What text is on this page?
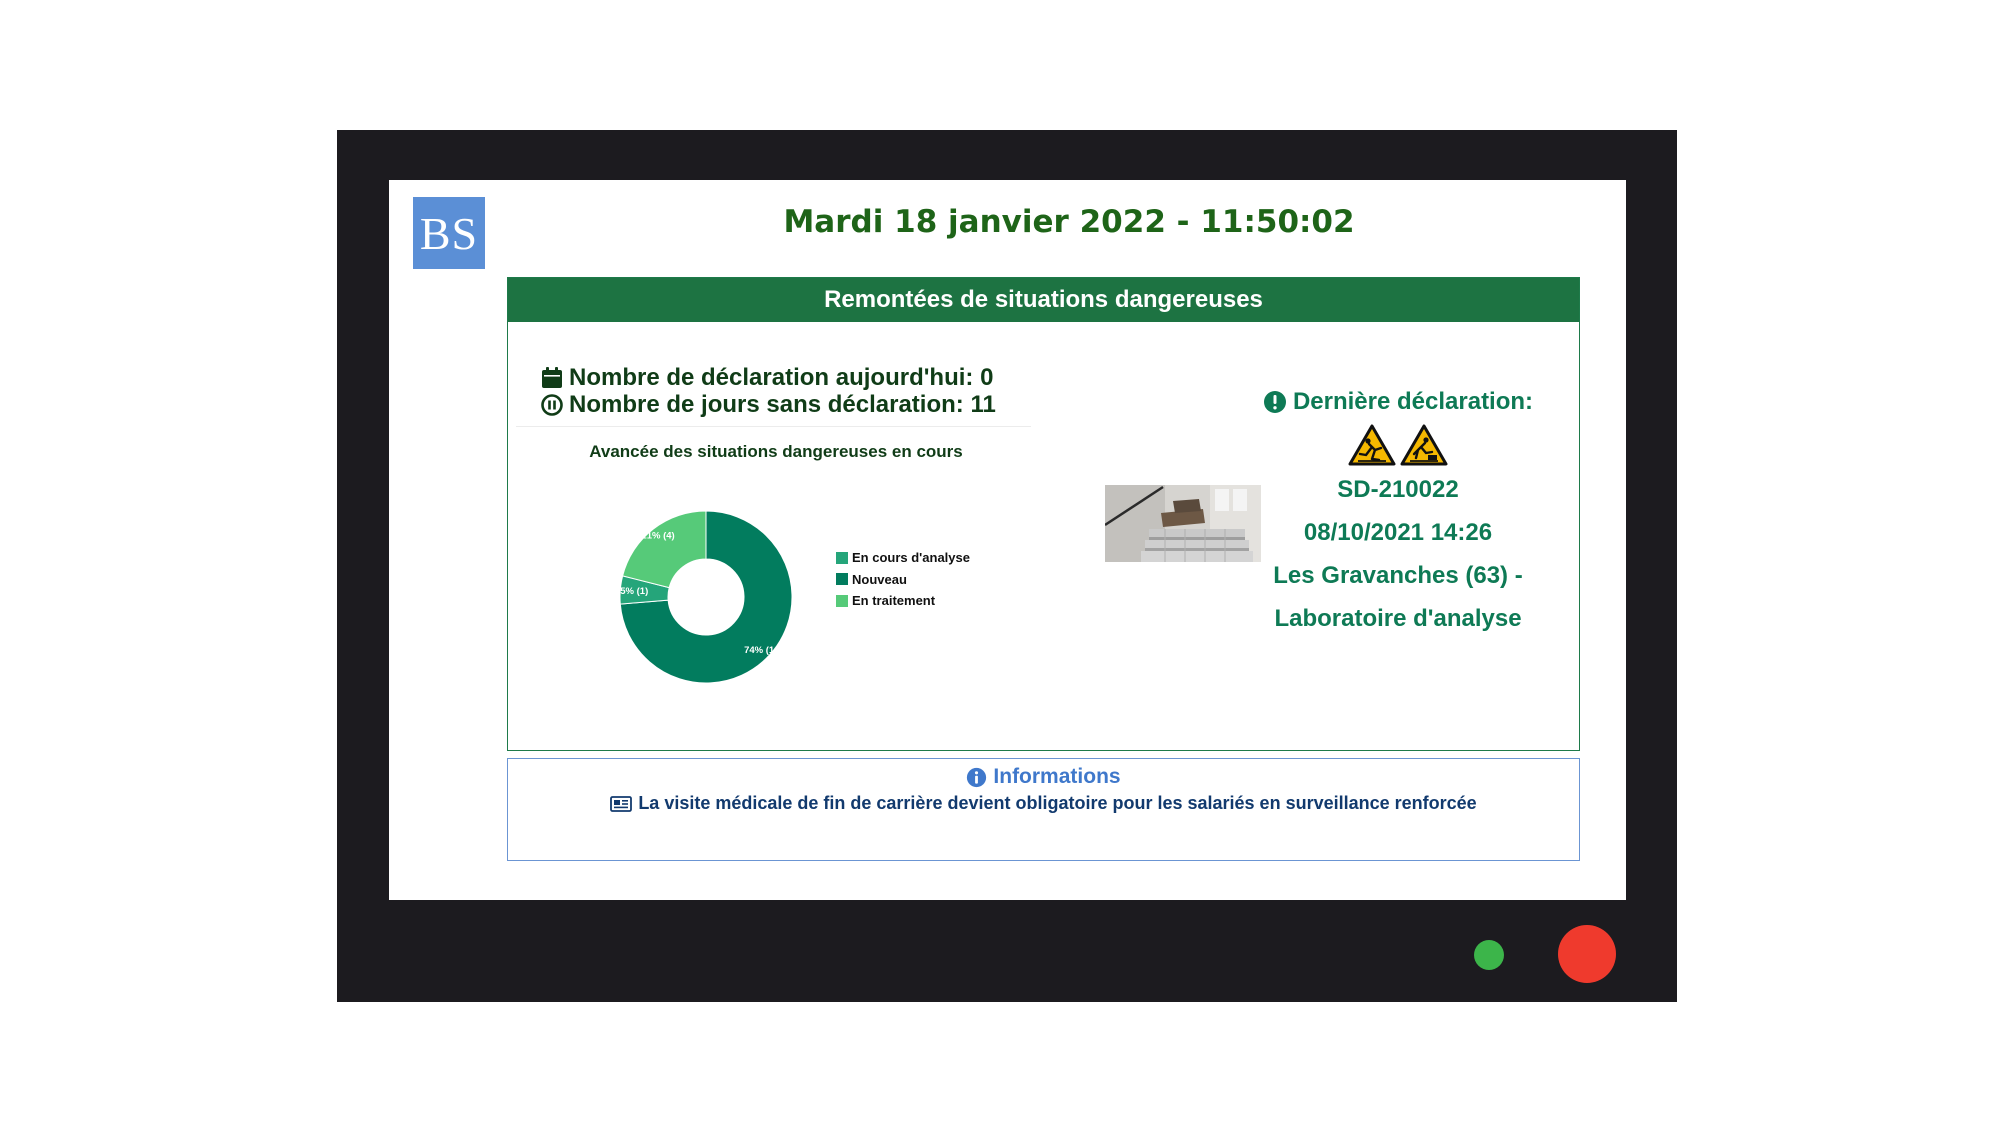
BS	Mardi 18 janvier 2022 - 11:50:02
Remontées de situations dangereuses
Nombre de déclaration aujourd'hui: 0
Nombre de jours sans déclaration: 11
Avancée des situations dangereuses en cours
74% (14)
5% (1)
21% (4)
En cours d'analyse
Nouveau
En traitement
Dernière déclaration:
SD-210022
08/10/2021 14:26
Les Gravanches (63) -
Laboratoire d'analyse
Informations
La visite médicale de fin de carrière devient obligatoire pour les salariés en surveillance renforcée
